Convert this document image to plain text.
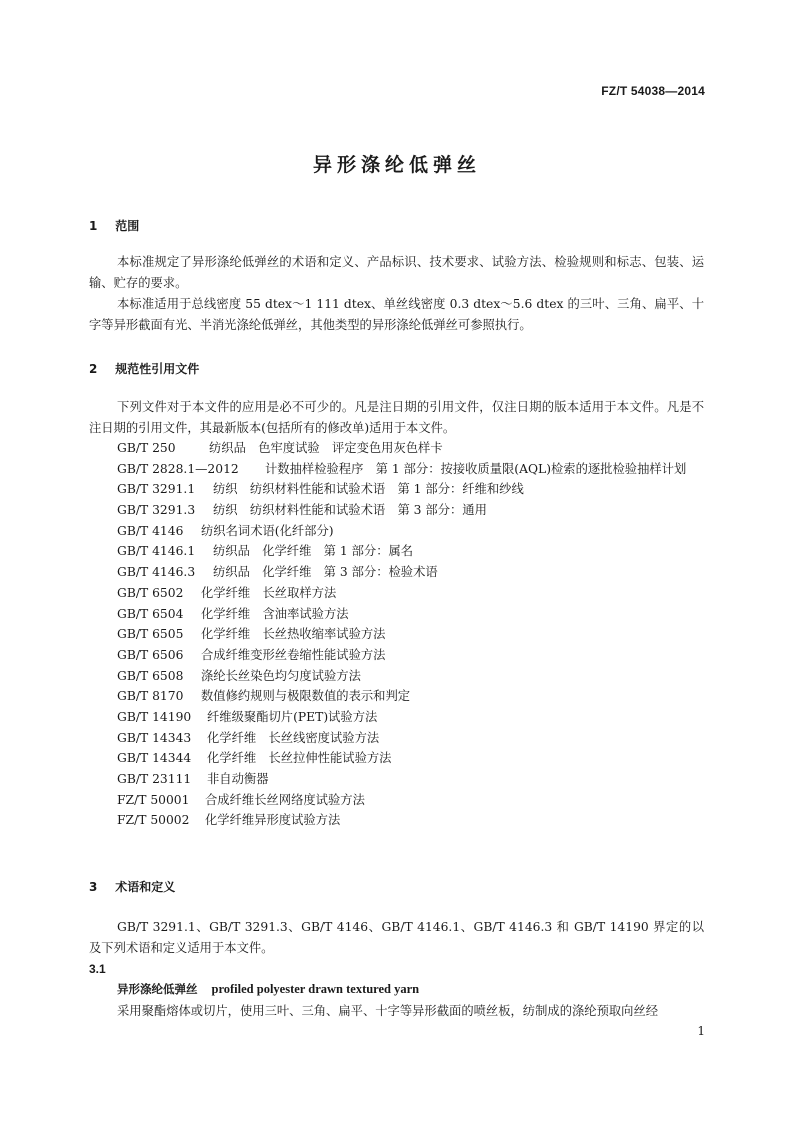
FZ/T 54038—2014
异形涤纶低弹丝
1 范围
本标准规定了异形涤纶低弹丝的术语和定义、产品标识、技术要求、试验方法、检验规则和标志、包装、运输、贮存的要求。
本标准适用于总线密度 55 dtex～1 111 dtex、单丝线密度 0.3 dtex～5.6 dtex 的三叶、三角、扁平、十字等异形截面有光、半消光涤纶低弹丝，其他类型的异形涤纶低弹丝可参照执行。
2 规范性引用文件
下列文件对于本文件的应用是必不可少的。凡是注日期的引用文件，仅注日期的版本适用于本文件。凡是不注日期的引用文件，其最新版本(包括所有的修改单)适用于本文件。
GB/T 250	纺织品　色牢度试验　评定变色用灰色样卡
GB/T 2828.1—2012 计数抽样检验程序　第 1 部分：按接收质量限(AQL)检索的逐批检验抽样计划
GB/T 3291.1 纺织　纺织材料性能和试验术语　第 1 部分：纤维和纱线
GB/T 3291.3 纺织　纺织材料性能和试验术语　第 3 部分：通用
GB/T 4146 纺织名词术语(化纤部分)
GB/T 4146.1 纺织品　化学纤维　第 1 部分：属名
GB/T 4146.3 纺织品　化学纤维　第 3 部分：检验术语
GB/T 6502 化学纤维　长丝取样方法
GB/T 6504 化学纤维　含油率试验方法
GB/T 6505 化学纤维　长丝热收缩率试验方法
GB/T 6506 合成纤维变形丝卷缩性能试验方法
GB/T 6508 涤纶长丝染色均匀度试验方法
GB/T 8170 数值修约规则与极限数值的表示和判定
GB/T 14190 纤维级聚酯切片(PET)试验方法
GB/T 14343 化学纤维　长丝线密度试验方法
GB/T 14344 化学纤维　长丝拉伸性能试验方法
GB/T 23111 非自动衡器
FZ/T 50001 合成纤维长丝网络度试验方法
FZ/T 50002 化学纤维异形度试验方法
3 术语和定义
GB/T 3291.1、GB/T 3291.3、GB/T 4146、GB/T 4146.1、GB/T 4146.3 和 GB/T 14190 界定的以及下列术语和定义适用于本文件。
3.1
异形涤纶低弹丝 profiled polyester drawn textured yarn
采用聚酯熔体或切片，使用三叶、三角、扁平、十字等异形截面的喷丝板，纺制成的涤纶预取向丝经
1
